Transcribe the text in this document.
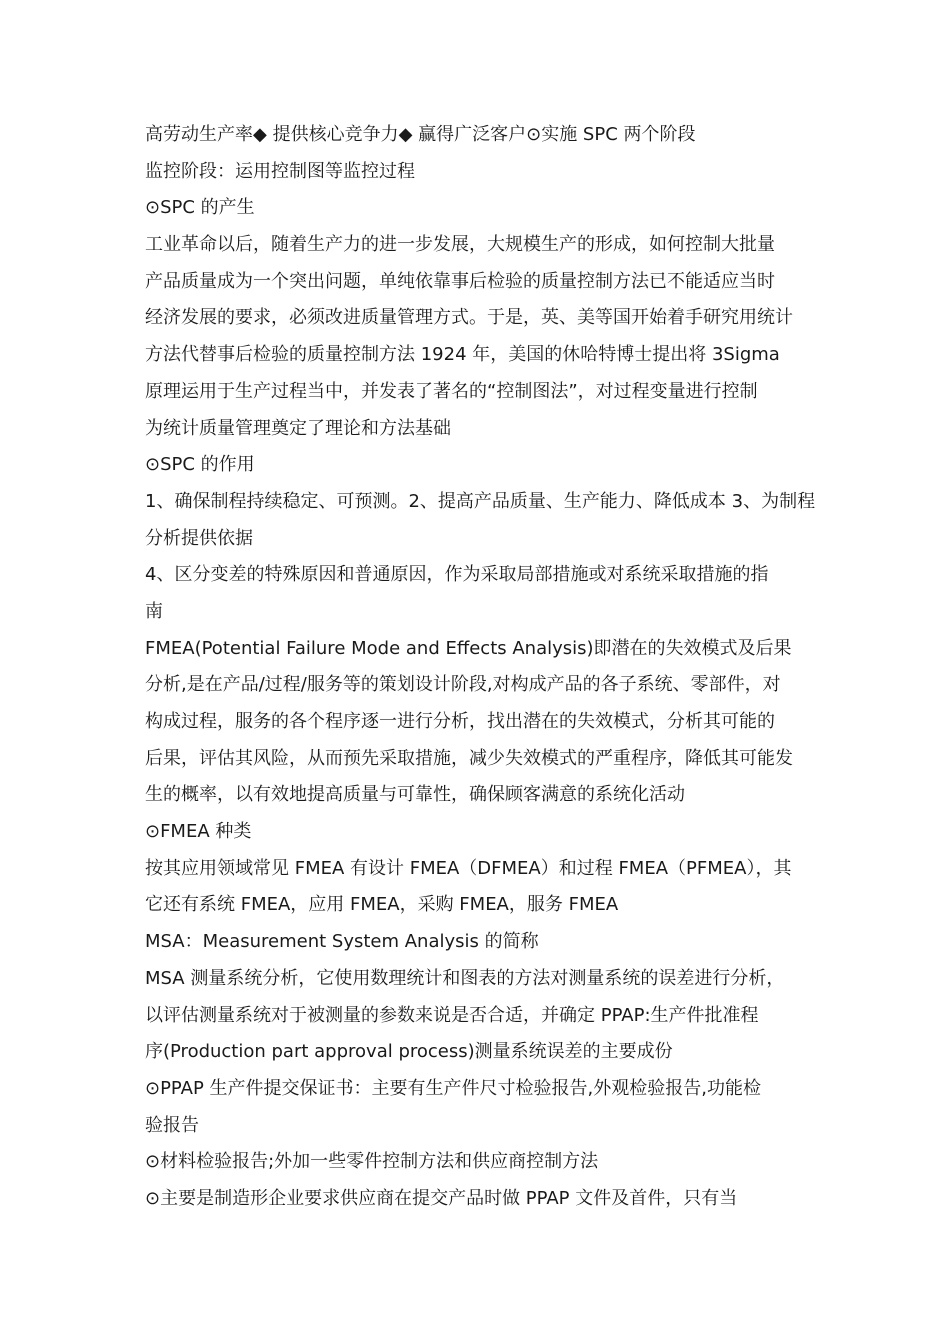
高劳动生产率◆ 提供核心竞争力◆ 赢得广泛客户⊙实施 SPC 两个阶段
监控阶段：运用控制图等监控过程
⊙SPC 的产生
工业革命以后，随着生产力的进一步发展，大规模生产的形成，如何控制大批量
产品质量成为一个突出问题，单纯依靠事后检验的质量控制方法已不能适应当时
经济发展的要求，必须改进质量管理方式。于是，英、美等国开始着手研究用统计
方法代替事后检验的质量控制方法 1924 年，美国的休哈特博士提出将 3Sigma
原理运用于生产过程当中，并发表了著名的“控制图法”，对过程变量进行控制
为统计质量管理奠定了理论和方法基础
⊙SPC 的作用
1、确保制程持续稳定、可预测。2、提高产品质量、生产能力、降低成本 3、为制程
分析提供依据
4、区分变差的特殊原因和普通原因，作为采取局部措施或对系统采取措施的指
南
FMEA(Potential Failure Mode and Effects Analysis)即潜在的失效模式及后果
分析,是在产品/过程/服务等的策划设计阶段,对构成产品的各子系统、零部件，对
构成过程，服务的各个程序逐一进行分析，找出潜在的失效模式，分析其可能的
后果，评估其风险，从而预先采取措施，减少失效模式的严重程序，降低其可能发
生的概率，以有效地提高质量与可靠性，确保顾客满意的系统化活动
⊙FMEA 种类
按其应用领域常见 FMEA 有设计 FMEA（DFMEA）和过程 FMEA（PFMEA），其
它还有系统 FMEA，应用 FMEA，采购 FMEA，服务 FMEA
MSA：Measurement System Analysis 的简称
MSA 测量系统分析，它使用数理统计和图表的方法对测量系统的误差进行分析，
以评估测量系统对于被测量的参数来说是否合适，并确定 PPAP:生产件批准程
序(Production part approval process)测量系统误差的主要成份
⊙PPAP 生产件提交保证书：主要有生产件尺寸检验报告,外观检验报告,功能检
验报告
⊙材料检验报告;外加一些零件控制方法和供应商控制方法
⊙主要是制造形企业要求供应商在提交产品时做 PPAP 文件及首件，只有当
